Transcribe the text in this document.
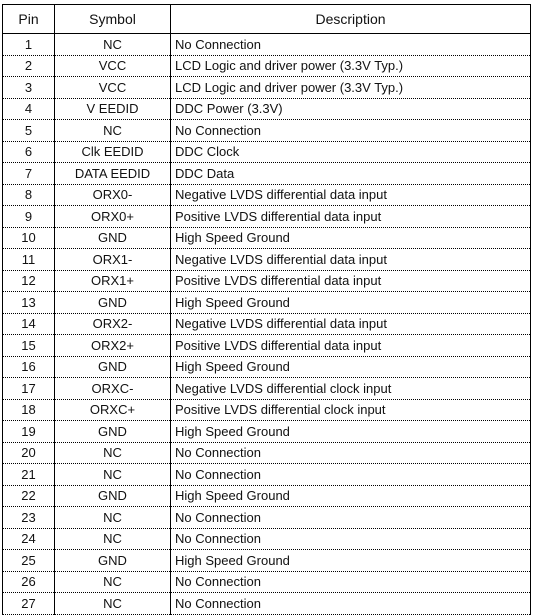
Pin	Symbol	Description
1	NC	No Connection
2	VCC	LCD Logic and driver power (3.3V Typ.)
3	VCC	LCD Logic and driver power (3.3V Typ.)
4	V EEDID	DDC Power (3.3V)
5	NC	No Connection
6	Clk EEDID	DDC Clock
7	DATA EEDID	DDC Data
8	ORX0-	Negative LVDS differential data input
9	ORX0+	Positive LVDS differential data input
10	GND	High Speed Ground
11	ORX1-	Negative LVDS differential data input
12	ORX1+	Positive LVDS differential data input
13	GND	High Speed Ground
14	ORX2-	Negative LVDS differential data input
15	ORX2+	Positive LVDS differential data input
16	GND	High Speed Ground
17	ORXC-	Negative LVDS differential clock input
18	ORXC+	Positive LVDS differential clock input
19	GND	High Speed Ground
20	NC	No Connection
21	NC	No Connection
22	GND	High Speed Ground
23	NC	No Connection
24	NC	No Connection
25	GND	High Speed Ground
26	NC	No Connection
27	NC	No Connection
